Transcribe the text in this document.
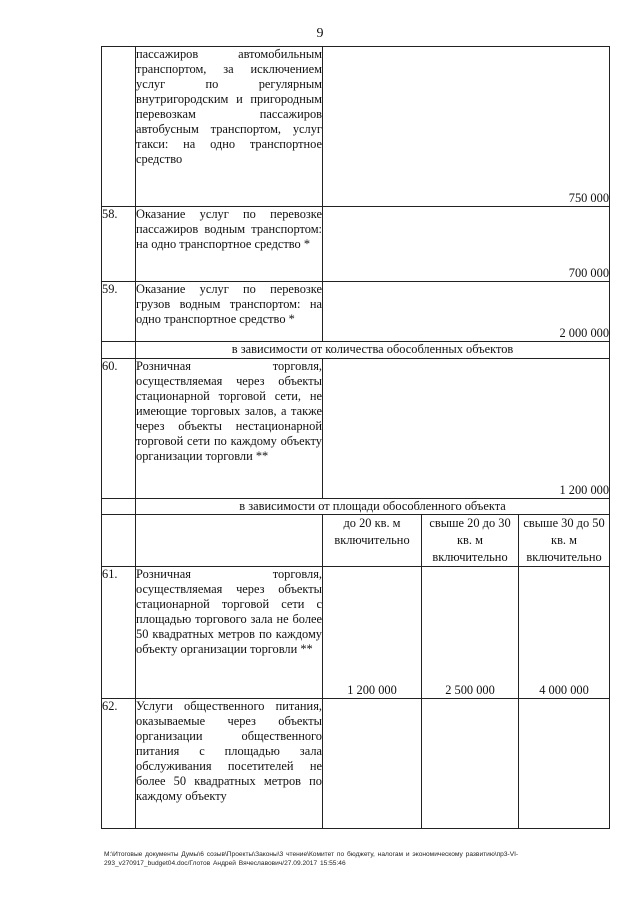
9
	пассажиров автомобильным транспортом, за исключением услуг по регулярным внутригородским и пригородным перевозкам пассажиров автобусным транспортом, услуг такси: на одно транспортное средство	750 000		
58.	Оказание услуг по перевозке пассажиров водным транспортом: на одно транспортное средство *	700 000		
59.	Оказание услуг по перевозке грузов водным транспортом: на одно транспортное средство *	2 000 000		
	в зависимости от количества обособленных объектов			
60.	Розничная торговля, осуществляемая через объекты стационарной торговой сети, не имеющие торговых залов, а также через объекты нестационарной торговой сети по каждому объекту организации торговли **	1 200 000		
	в зависимости от площади обособленного объекта			
		до 20 кв. м включительно	свыше 20 до 30 кв. м включительно	свыше 30 до 50 кв. м включительно
61.	Розничная торговля, осуществляемая через объекты стационарной торговой сети с площадью торгового зала не более 50 квадратных метров по каждому объекту организации торговли **	1 200 000	2 500 000	4 000 000
62.	Услуги общественного питания, оказываемые через объекты организации общественного питания с площадью зала обслуживания посетителей не более 50 квадратных метров по каждому объекту			
М:\Итоговые документы Думы\6 созыв\Проекты\Законы\3 чтение\Комитет по бюджету, налогам и экономическому развитию\пр3-VI-
293_v270917_budget04.doc/Глотов Андрей Вячеславович/27.09.2017 15:55:46
